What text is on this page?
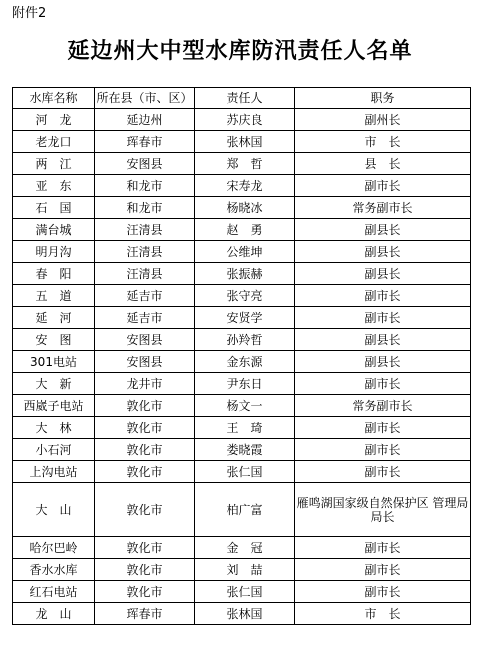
附件2
延边州大中型水库防汛责任人名单
水库名称	所在县（市、区）	责任人	职务
河　龙	延边州	苏庆良	副州长
老龙口	珲春市	张林国	市　长
两　江	安图县	郑　哲	县　长
亚　东	和龙市	宋寿龙	副市长
石　国	和龙市	杨晓冰	常务副市长
满台城	汪清县	赵　勇	副县长
明月沟	汪清县	公维坤	副县长
春　阳	汪清县	张振赫	副县长
五　道	延吉市	张守亮	副市长
延　河	延吉市	安贤学	副市长
安　图	安图县	孙羚哲	副县长
301电站	安图县	金东源	副县长
大　新	龙井市	尹东日	副市长
西崴子电站	敦化市	杨文一	常务副市长
大　林	敦化市	王　琦	副市长
小石河	敦化市	娄晓霞	副市长
上沟电站	敦化市	张仁国	副市长
大　山	敦化市	柏广富	雁鸣湖国家级自然保护区 管理局局长
哈尔巴岭	敦化市	金　冠	副市长
香水水库	敦化市	刘　喆	副市长
红石电站	敦化市	张仁国	副市长
龙　山	珲春市	张林国	市　长
